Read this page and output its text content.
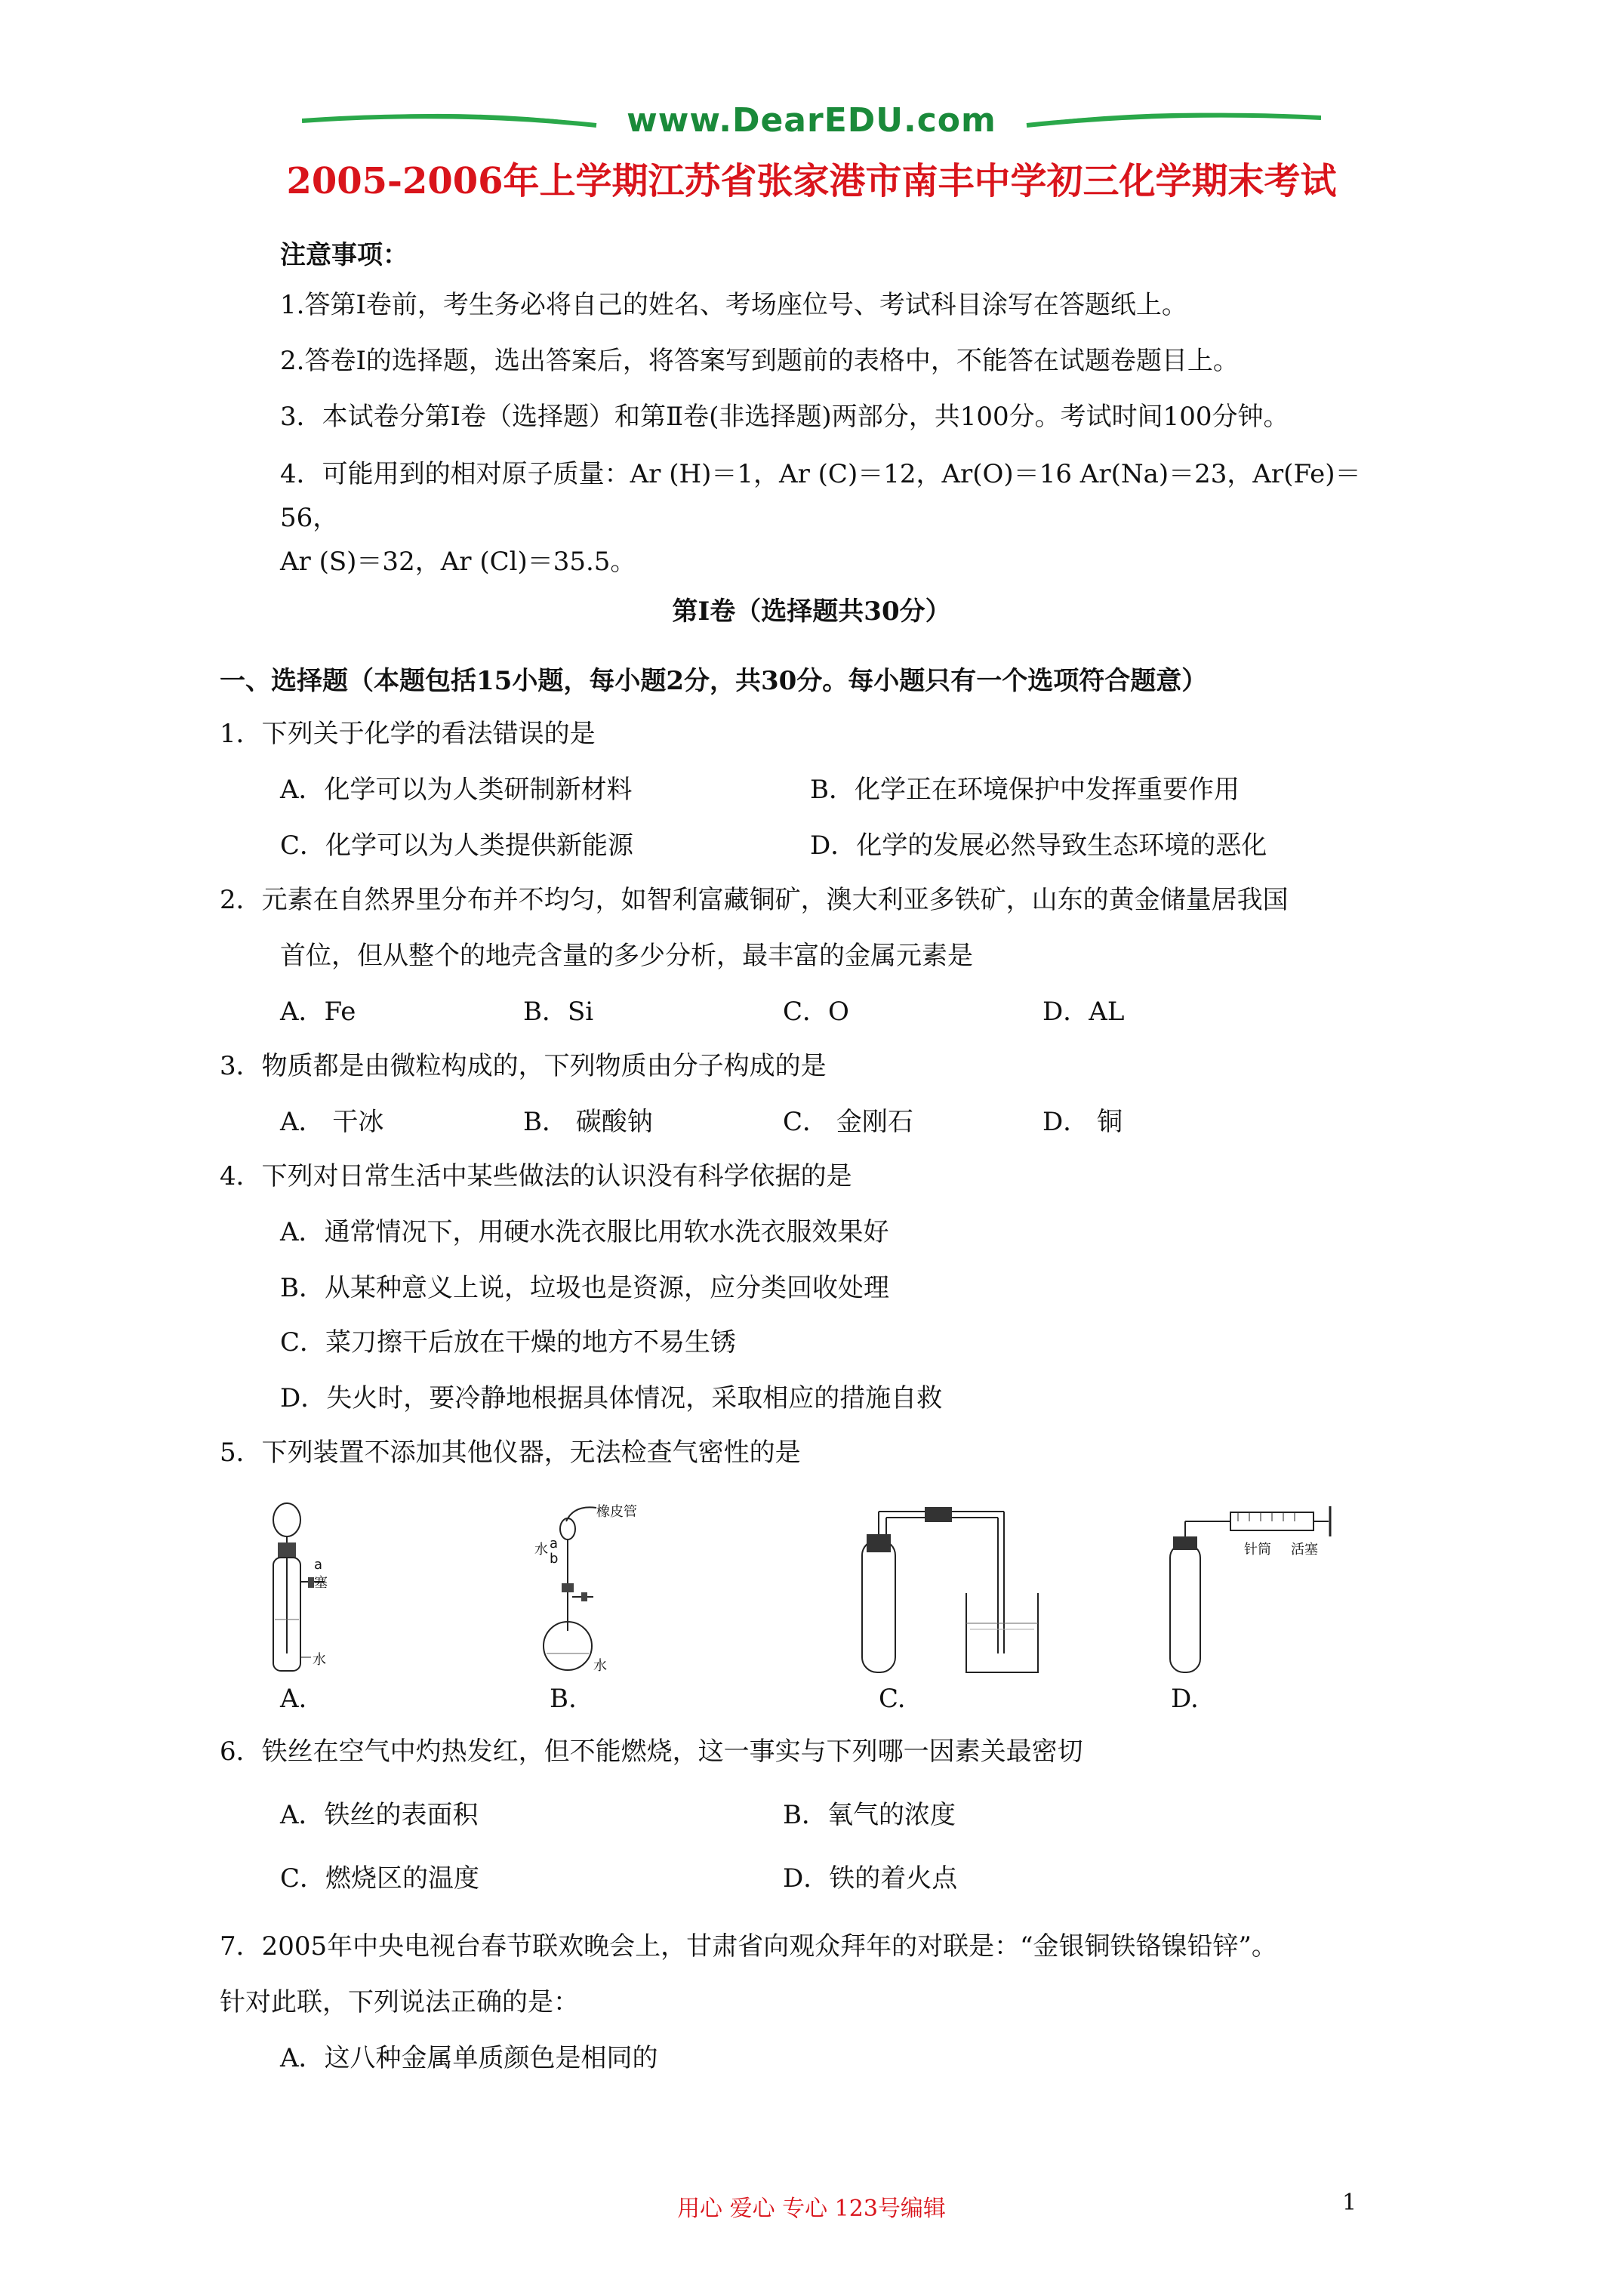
www.DearEDU.com
2005-2006年上学期江苏省张家港市南丰中学初三化学期末考试
注意事项：
1.答第Ⅰ卷前，考生务必将自己的姓名、考场座位号、考试科目涂写在答题纸上。
2.答卷Ⅰ的选择题，选出答案后，将答案写到题前的表格中，不能答在试题卷题目上。
3．本试卷分第Ⅰ卷（选择题）和第Ⅱ卷(非选择题)两部分，共100分。考试时间100分钟。
4．可能用到的相对原子质量：Ar (H)＝1，Ar (C)＝12，Ar(O)＝16 Ar(Na)＝23，Ar(Fe)＝
56，
Ar (S)＝32，Ar (Cl)＝35.5。
第Ⅰ卷（选择题共30分）
一、选择题（本题包括15小题，每小题2分，共30分。每小题只有一个选项符合题意）
1．下列关于化学的看法错误的是
A．化学可以为人类研制新材料	B．化学正在环境保护中发挥重要作用
C．化学可以为人类提供新能源	D．化学的发展必然导致生态环境的恶化
2．元素在自然界里分布并不均匀，如智利富藏铜矿，澳大利亚多铁矿，山东的黄金储量居我国
首位，但从整个的地壳含量的多少分析，最丰富的金属元素是
A．Fe	B．Si	C．O	D．AL
3．物质都是由微粒构成的，下列物质由分子构成的是
A． 干冰	B． 碳酸钠	C． 金刚石	D． 铜
4．下列对日常生活中某些做法的认识没有科学依据的是
A．通常情况下，用硬水洗衣服比用软水洗衣服效果好
B．从某种意义上说，垃圾也是资源，应分类回收处理
C．菜刀擦干后放在干燥的地方不易生锈
D．失火时，要冷静地根据具体情况，采取相应的措施自救
5．下列装置不添加其他仪器，无法检查气密性的是
a
塞
水
A.
橡皮管
水 a
b
水
B.	C.
针筒 活塞
D.
6．铁丝在空气中灼热发红，但不能燃烧，这一事实与下列哪一因素关最密切
A．铁丝的表面积	B．氧气的浓度
C．燃烧区的温度	D．铁的着火点
7．2005年中央电视台春节联欢晚会上，甘肃省向观众拜年的对联是：“金银铜铁铬镍铅锌”。
针对此联，下列说法正确的是：
A．这八种金属单质颜色是相同的
用心 爱心 专心 123号编辑	1
